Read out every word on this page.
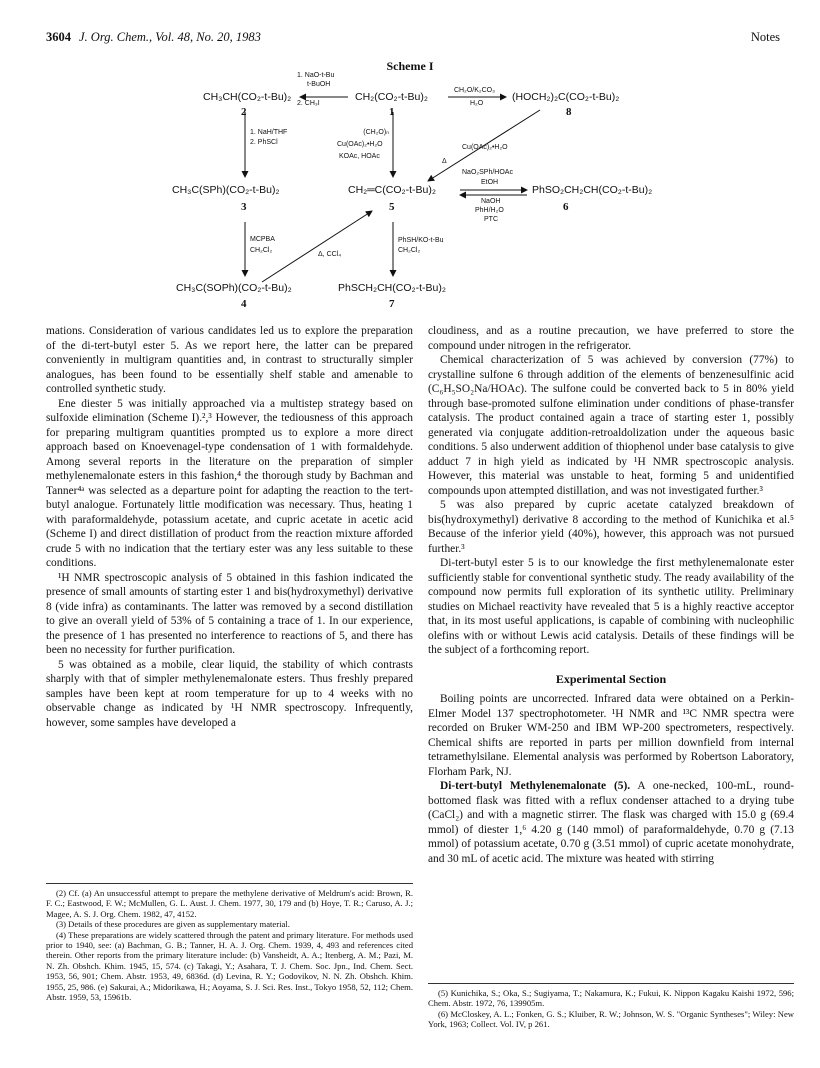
3604 J. Org. Chem., Vol. 48, No. 20, 1983	Notes
Scheme I
CH₃CH(CO₂-t-Bu)₂
2
CH₂(CO₂-t-Bu)₂
1
(HOCH₂)₂C(CO₂-t-Bu)₂
8
CH₃C(SPh)(CO₂-t-Bu)₂
3
CH₂═C(CO₂-t-Bu)₂
5
PhSO₂CH₂CH(CO₂-t-Bu)₂
6
CH₃C(SOPh)(CO₂-t-Bu)₂
4
PhSCH₂CH(CO₂-t-Bu)₂
7
1. NaO-t-Bu
t-BuOH
2. CH₃I
CH₂O/K₂CO₃
H₂O
1. NaH/THF
2. PhSCl
(CH₂O)ₙ
Cu(OAc)₂•H₂O
KOAc, HOAc
Cu(OAc)₂•H₂O
Δ
NaO₂SPh/HOAc
EtOH
NaOH
PhH/H₂O
PTC
MCPBA
CH₂Cl₂
Δ, CCl₄
PhSH/KO-t-Bu
CH₂Cl₂

mations. Consideration of various candidates led us to explore the preparation of the di-tert-butyl ester 5. As we report here, the latter can be prepared conveniently in multigram quantities and, in contrast to structurally simpler analogues, has been found to be essentially shelf stable and amenable to controlled synthetic study.

Ene diester 5 was initially approached via a multistep strategy based on sulfoxide elimination (Scheme I).²,³ However, the tediousness of this approach for preparing multigram quantities prompted us to explore a more direct approach based on Knoevenagel-type condensation of 1 with formaldehyde. Among several reports in the literature on the preparation of simpler methylenemalonate esters in this fashion,⁴ the thorough study by Bachman and Tanner⁴ᵃ was selected as a departure point for adapting the reaction to the tert-butyl analogue. Fortunately little modification was necessary. Thus, heating 1 with paraformaldehyde, potassium acetate, and cupric acetate in acetic acid (Scheme I) and direct distillation of product from the reaction mixture afforded crude 5 with no indication that the tertiary ester was any less suitable to these conditions.

¹H NMR spectroscopic analysis of 5 obtained in this fashion indicated the presence of small amounts of starting ester 1 and bis(hydroxymethyl) derivative 8 (vide infra) as contaminants. The latter was removed by a second distillation to give an overall yield of 53% of 5 containing a trace of 1. In our experience, the presence of 1 has presented no interference to reactions of 5, and there has been no necessity for further purification.

5 was obtained as a mobile, clear liquid, the stability of which contrasts sharply with that of simpler methylenemalonate esters. Thus freshly prepared samples have been kept at room temperature for up to 4 weeks with no observable change as indicated by ¹H NMR spectroscopy. Infrequently, however, some samples have developed a

cloudiness, and as a routine precaution, we have preferred to store the compound under nitrogen in the refrigerator.

Chemical characterization of 5 was achieved by conversion (77%) to crystalline sulfone 6 through addition of the elements of benzenesulfinic acid (C₆H₅SO₂Na/HOAc). The sulfone could be converted back to 5 in 80% yield through base-promoted sulfone elimination under conditions of phase-transfer catalysis. The product contained again a trace of starting ester 1, possibly generated via conjugate addition-retroaldolization under the aqueous basic conditions. 5 also underwent addition of thiophenol under base catalysis to give adduct 7 in high yield as indicated by ¹H NMR spectroscopic analysis. However, this material was unstable to heat, forming 5 and unidentified compounds upon attempted distillation, and was not investigated further.³

5 was also prepared by cupric acetate catalyzed breakdown of bis(hydroxymethyl) derivative 8 according to the method of Kunichika et al.⁵ Because of the inferior yield (40%), however, this approach was not pursued further.³

Di-tert-butyl ester 5 is to our knowledge the first methylenemalonate ester sufficiently stable for conventional synthetic study. The ready availability of the compound now permits full exploration of its synthetic utility. Preliminary studies on Michael reactivity have revealed that 5 is a highly reactive acceptor that, in its most useful applications, is capable of combining with nucleophilic olefins with or without Lewis acid catalysis. Details of these findings will be the subject of a forthcoming report.

Experimental Section

Boiling points are uncorrected. Infrared data were obtained on a Perkin-Elmer Model 137 spectrophotometer. ¹H NMR and ¹³C NMR spectra were recorded on Bruker WM-250 and IBM WP-200 spectrometers, respectively. Chemical shifts are reported in parts per million downfield from internal tetramethylsilane. Elemental analysis was performed by Robertson Laboratory, Florham Park, NJ.

Di-tert-butyl Methylenemalonate (5). A one-necked, 100-mL, round-bottomed flask was fitted with a reflux condenser attached to a drying tube (CaCl₂) and with a magnetic stirrer. The flask was charged with 15.0 g (69.4 mmol) of diester 1,⁶ 4.20 g (140 mmol) of paraformaldehyde, 0.70 g (7.13 mmol) of potassium acetate, 0.70 g (3.51 mmol) of cupric acetate monohydrate, and 30 mL of acetic acid. The mixture was heated with stirring

(2) Cf. (a) An unsuccessful attempt to prepare the methylene derivative of Meldrum's acid: Brown, R. F. C.; Eastwood, F. W.; McMullen, G. L. Aust. J. Chem. 1977, 30, 179 and (b) Hoye, T. R.; Caruso, A. J.; Magee, A. S. J. Org. Chem. 1982, 47, 4152.

(3) Details of these procedures are given as supplementary material.

(4) These preparations are widely scattered through the patent and primary literature. For methods used prior to 1940, see: (a) Bachman, G. B.; Tanner, H. A. J. Org. Chem. 1939, 4, 493 and references cited therein. Other reports from the primary literature include: (b) Vansheidt, A. A.; Itenberg, A. M.; Pazi, M. N. Zh. Obshch. Khim. 1945, 15, 574. (c) Takagi, Y.; Asahara, T. J. Chem. Soc. Jpn., Ind. Chem. Sect. 1953, 56, 901; Chem. Abstr. 1953, 49, 6836d. (d) Levina, R. Y.; Godovikov, N. N. Zh. Obshch. Khim. 1955, 25, 986. (e) Sakurai, A.; Midorikawa, H.; Aoyama, S. J. Sci. Res. Inst., Tokyo 1958, 52, 112; Chem. Abstr. 1959, 53, 15961b.	(5) Kunichika, S.; Oka, S.; Sugiyama, T.; Nakamura, K.; Fukui, K. Nippon Kagaku Kaishi 1972, 596; Chem. Abstr. 1972, 76, 139905m.

(6) McCloskey, A. L.; Fonken, G. S.; Kluiber, R. W.; Johnson, W. S. "Organic Syntheses"; Wiley: New York, 1963; Collect. Vol. IV, p 261.
